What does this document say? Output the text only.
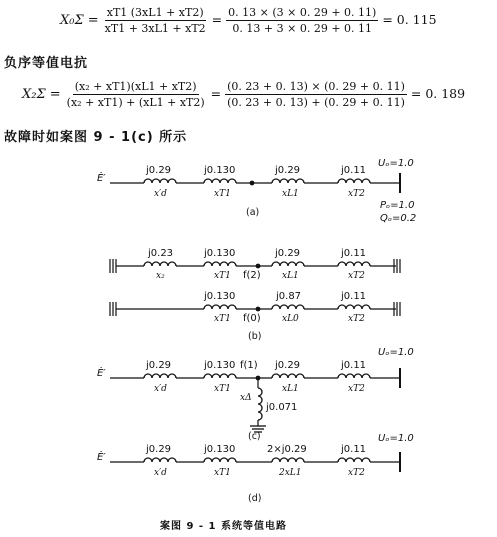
$X_0\Sigma = \frac{xT1 (3xL1 + xT2)}{xT1 + 3xL1 + xT2} = \frac{0. 13 \times (3 \times 0. 29 + 0. 11)}{0. 13 + 3 \times 0. 29 + 0. 11} = 0$. 115
负序等值电抗
$X_2\Sigma = \frac{\text{(x₂ + xT1)(xL1 + xT2)}}{\text{(x₂ + xT1) + (xL1 + xT2)}} = \frac{(0. 23 + 0. 13) \times (0. 29 + 0. 11)}{(0. 23 + 0. 13) + (0. 29 + 0. 11)} = 0$. 189
故障时如案图 9 - 1(c) 所示
Ė′
j0.29	j0.130	j0.29	j0.11
x′d	xT1	xL1	xT2
Uₒ=1.0
Pₒ=1.0
Qₒ=0.2
(a)
j0.23	j0.130	j0.29	j0.11
x₂	xT1	xL1	xT2
f(2)
j0.130	j0.87	j0.11
xT1	xL0	xT2
f(0)
(b)
Ė′
j0.29	j0.130	j0.29	j0.11
x′d	xT1	xL1	xT2
f(1)
xΔ
j0.071
Uₒ=1.0
(c)
Ė′
j0.29	j0.130	2×j0.29	j0.11
x′d	xT1	2xL1	xT2
Uₒ=1.0
(d)
案图 9 - 1 系统等值电路
